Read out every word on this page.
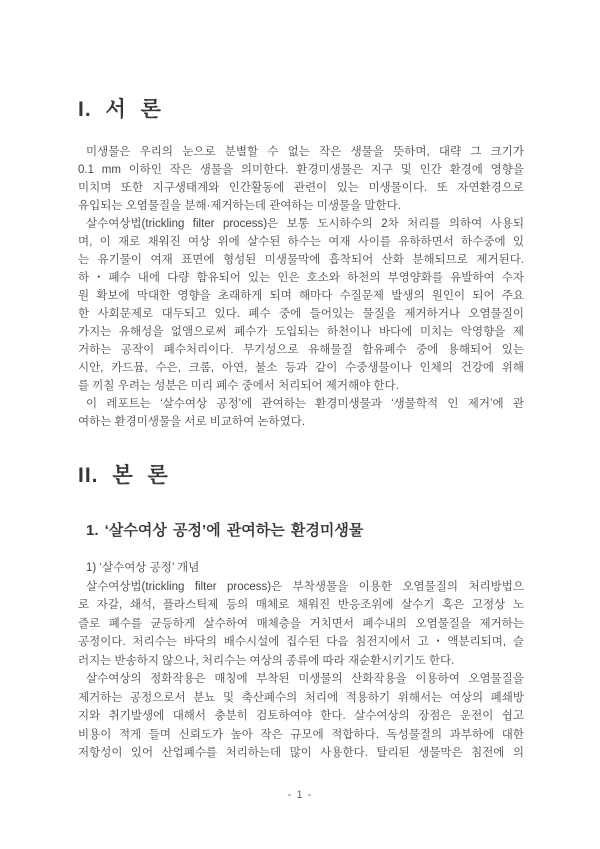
I. 서 론
미생물은 우리의 눈으로 분별할 수 없는 작은 생물을 뜻하며, 대략 그 크기가
0.1 mm 이하인 작은 생물을 의미한다. 환경미생물은 지구 및 인간 환경에 영향을
미치며 또한 지구생태계와 인간활동에 관련이 있는 미생물이다. 또 자연환경으로
유입되는 오염물질을 분해·제거하는데 관여하는 미생물을 말한다.
살수여상법(trickling filter process)은 보통 도시하수의 2차 처리를 의하여 사용되
며, 이 재로 채워진 여상 위에 살수된 하수는 여재 사이를 유하하면서 하수중에 있
는 유기물이 여재 표면에 형성된 미생물막에 흡착되어 산화 분해되므로 제거된다.
하・폐수 내에 다량 함유되어 있는 인은 호소와 하천의 부영양화를 유발하여 수자
원 확보에 막대한 영향을 초래하게 되며 해마다 수질문제 발생의 원인이 되어 주요
한 사회문제로 대두되고 있다. 폐수 중에 들어있는 물질을 제거하거나 오염물질이
가지는 유해성을 없앰으로써 폐수가 도입되는 하천이나 바다에 미치는 악영향을 제
거하는 공작이 폐수처리이다. 무기성으로 유해물질 함유폐수 중에 용해되어 있는
시안, 카드뮴, 수은, 크롬, 아연, 불소 등과 같이 수중생물이나 인체의 건강에 위해
를 끼칠 우려는 성분은 미리 폐수 중에서 처리되어 제거해야 한다.
이 레포트는 ‘살수여상 공정’에 관여하는 환경미생물과 ‘생물학적 인 제거’에 관
여하는 환경미생물을 서로 비교하여 논하였다.
II. 본 론
1. ‘살수여상 공정’에 관여하는 환경미생물
1) ‘살수여상 공정’ 개념
살수여상법(trickling filter process)은 부착생물을 이용한 오염물질의 처리방법으
로 자갈, 쇄석, 플라스틱제 등의 매체로 채워진 반응조위에 살수기 혹은 고정상 노
즐로 폐수를 균등하게 살수하여 매체층을 거치면서 폐수내의 오염물질을 제거하는
공정이다. 처리수는 바닥의 배수시설에 집수된 다음 침전지에서 고・액분리되며, 슬
러지는 반송하지 않으나, 처리수는 여상의 종류에 따라 재순환시키기도 한다.
살수여상의 정화작용은 매칭에 부착된 미생물의 산화작용을 이용하여 오염물질을
제거하는 공정으로서 분뇨 및 축산폐수의 처리에 적용하기 위해서는 여상의 폐쇄방
지와 취기발생에 대해서 충분히 검토하여야 한다. 살수여상의 장점은 운전이 쉽고
비용이 적게 들며 신뢰도가 높아 작은 규모에 적합하다. 독성물질의 과부하에 대한
저항성이 있어 산업폐수를 처리하는데 많이 사용한다. 탈리된 생물막은 침전에 의
- 1 -
